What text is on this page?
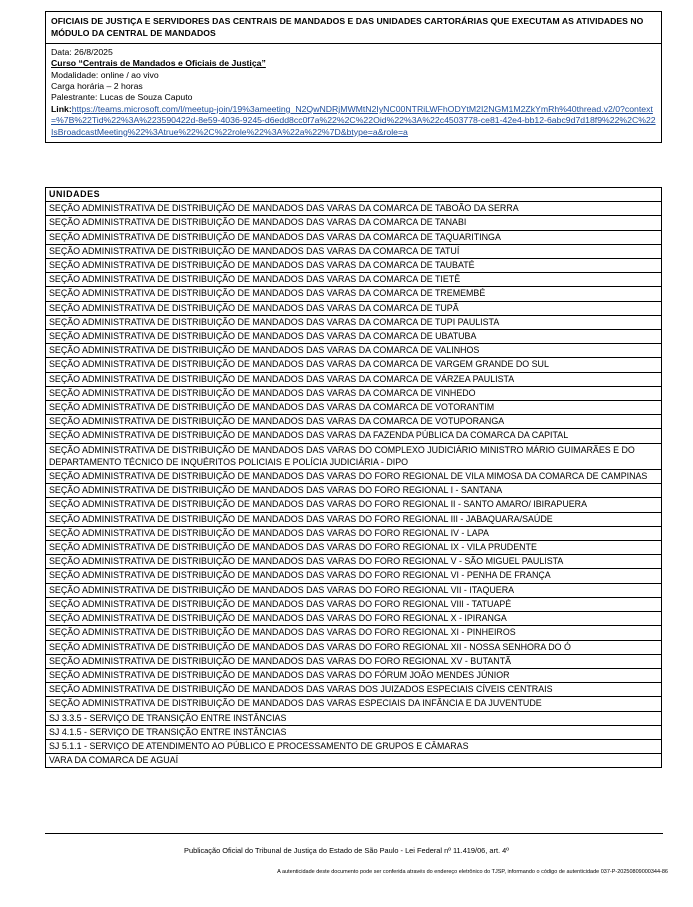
OFICIAIS DE JUSTIÇA E SERVIDORES DAS CENTRAIS DE MANDADOS E DAS UNIDADES CARTORÁRIAS QUE EXECUTAM AS ATIVIDADES NO MÓDULO DA CENTRAL DE MANDADOS
Data: 26/8/2025
Curso “Centrais de Mandados e Oficiais de Justiça”
Modalidade: online / ao vivo
Carga horária – 2 horas
Palestrante: Lucas de Souza Caputo
Link:https://teams.microsoft.com/l/meetup-join/19%3ameeting_N2QwNDRjMWMtN2IyNC00NTRiLWFhODYtM2I2NGM1M2ZkYmRh%40thread.v2/0?context=%7B%22Tid%22%3A%223590422d-8e59-4036-9245-d6edd8cc0f7a%22%2C%22Oid%22%3A%22c4503778-ce81-42e4-bb12-6abc9d7d18f9%22%2C%22IsBroadcastMeeting%22%3Atrue%22%2C%22role%22%3A%22a%22%7D&btype=a&role=a
UNIDADES
SEÇÃO ADMINISTRATIVA DE DISTRIBUIÇÃO DE MANDADOS DAS VARAS DA COMARCA DE TABOÃO DA SERRA
SEÇÃO ADMINISTRATIVA DE DISTRIBUIÇÃO DE MANDADOS DAS VARAS DA COMARCA DE TANABI
SEÇÃO ADMINISTRATIVA DE DISTRIBUIÇÃO DE MANDADOS DAS VARAS DA COMARCA DE TAQUARITINGA
SEÇÃO ADMINISTRATIVA DE DISTRIBUIÇÃO DE MANDADOS DAS VARAS DA COMARCA DE TATUÍ
SEÇÃO ADMINISTRATIVA DE DISTRIBUIÇÃO DE MANDADOS DAS VARAS DA COMARCA DE TAUBATÉ
SEÇÃO ADMINISTRATIVA DE DISTRIBUIÇÃO DE MANDADOS DAS VARAS DA COMARCA DE TIETÊ
SEÇÃO ADMINISTRATIVA DE DISTRIBUIÇÃO DE MANDADOS DAS VARAS DA COMARCA DE TREMEMBÉ
SEÇÃO ADMINISTRATIVA DE DISTRIBUIÇÃO DE MANDADOS DAS VARAS DA COMARCA DE TUPÃ
SEÇÃO ADMINISTRATIVA DE DISTRIBUIÇÃO DE MANDADOS DAS VARAS DA COMARCA DE TUPI PAULISTA
SEÇÃO ADMINISTRATIVA DE DISTRIBUIÇÃO DE MANDADOS DAS VARAS DA COMARCA DE UBATUBA
SEÇÃO ADMINISTRATIVA DE DISTRIBUIÇÃO DE MANDADOS DAS VARAS DA COMARCA DE VALINHOS
SEÇÃO ADMINISTRATIVA DE DISTRIBUIÇÃO DE MANDADOS DAS VARAS DA COMARCA DE VARGEM GRANDE DO SUL
SEÇÃO ADMINISTRATIVA DE DISTRIBUIÇÃO DE MANDADOS DAS VARAS DA COMARCA DE VÁRZEA PAULISTA
SEÇÃO ADMINISTRATIVA DE DISTRIBUIÇÃO DE MANDADOS DAS VARAS DA COMARCA DE VINHEDO
SEÇÃO ADMINISTRATIVA DE DISTRIBUIÇÃO DE MANDADOS DAS VARAS DA COMARCA DE VOTORANTIM
SEÇÃO ADMINISTRATIVA DE DISTRIBUIÇÃO DE MANDADOS DAS VARAS DA COMARCA DE VOTUPORANGA
SEÇÃO ADMINISTRATIVA DE DISTRIBUIÇÃO DE MANDADOS DAS VARAS DA FAZENDA PÚBLICA DA COMARCA DA CAPITAL
SEÇÃO ADMINISTRATIVA DE DISTRIBUIÇÃO DE MANDADOS DAS VARAS DO COMPLEXO JUDICIÁRIO MINISTRO MÁRIO GUIMARÃES E DO DEPARTAMENTO TÉCNICO DE INQUÉRITOS POLICIAIS E POLÍCIA JUDICIÁRIA - DIPO
SEÇÃO ADMINISTRATIVA DE DISTRIBUIÇÃO DE MANDADOS DAS VARAS DO FORO REGIONAL DE VILA MIMOSA DA COMARCA DE CAMPINAS
SEÇÃO ADMINISTRATIVA DE DISTRIBUIÇÃO DE MANDADOS DAS VARAS DO FORO REGIONAL I - SANTANA
SEÇÃO ADMINISTRATIVA DE DISTRIBUIÇÃO DE MANDADOS DAS VARAS DO FORO REGIONAL II - SANTO AMARO/ IBIRAPUERA
SEÇÃO ADMINISTRATIVA DE DISTRIBUIÇÃO DE MANDADOS DAS VARAS DO FORO REGIONAL III - JABAQUARA/SAÚDE
SEÇÃO ADMINISTRATIVA DE DISTRIBUIÇÃO DE MANDADOS DAS VARAS DO FORO REGIONAL IV - LAPA
SEÇÃO ADMINISTRATIVA DE DISTRIBUIÇÃO DE MANDADOS DAS VARAS DO FORO REGIONAL IX - VILA PRUDENTE
SEÇÃO ADMINISTRATIVA DE DISTRIBUIÇÃO DE MANDADOS DAS VARAS DO FORO REGIONAL V - SÃO MIGUEL PAULISTA
SEÇÃO ADMINISTRATIVA DE DISTRIBUIÇÃO DE MANDADOS DAS VARAS DO FORO REGIONAL VI - PENHA DE FRANÇA
SEÇÃO ADMINISTRATIVA DE DISTRIBUIÇÃO DE MANDADOS DAS VARAS DO FORO REGIONAL VII - ITAQUERA
SEÇÃO ADMINISTRATIVA DE DISTRIBUIÇÃO DE MANDADOS DAS VARAS DO FORO REGIONAL VIII - TATUAPÉ
SEÇÃO ADMINISTRATIVA DE DISTRIBUIÇÃO DE MANDADOS DAS VARAS DO FORO REGIONAL X - IPIRANGA
SEÇÃO ADMINISTRATIVA DE DISTRIBUIÇÃO DE MANDADOS DAS VARAS DO FORO REGIONAL XI - PINHEIROS
SEÇÃO ADMINISTRATIVA DE DISTRIBUIÇÃO DE MANDADOS DAS VARAS DO FORO REGIONAL XII - NOSSA SENHORA DO Ó
SEÇÃO ADMINISTRATIVA DE DISTRIBUIÇÃO DE MANDADOS DAS VARAS DO FORO REGIONAL XV - BUTANTÃ
SEÇÃO ADMINISTRATIVA DE DISTRIBUIÇÃO DE MANDADOS DAS VARAS DO FÓRUM JOÃO MENDES JÚNIOR
SEÇÃO ADMINISTRATIVA DE DISTRIBUIÇÃO DE MANDADOS DAS VARAS DOS JUIZADOS ESPECIAIS CÍVEIS CENTRAIS
SEÇÃO ADMINISTRATIVA DE DISTRIBUIÇÃO DE MANDADOS DAS VARAS ESPECIAIS DA INFÂNCIA E DA JUVENTUDE
SJ 3.3.5 - SERVIÇO DE TRANSIÇÃO ENTRE INSTÂNCIAS
SJ 4.1.5 - SERVIÇO DE TRANSIÇÃO ENTRE INSTÂNCIAS
SJ 5.1.1 - SERVIÇO DE ATENDIMENTO AO PÚBLICO E PROCESSAMENTO DE GRUPOS E CÂMARAS
VARA DA COMARCA DE AGUAÍ
Publicação Oficial do Tribunal de Justiça do Estado de São Paulo - Lei Federal nº 11.419/06, art. 4º
A autenticidade deste documento pode ser conferida através do endereço eletrônico do TJSP, informando o código de autenticidade 037-P-20250809000344-86
